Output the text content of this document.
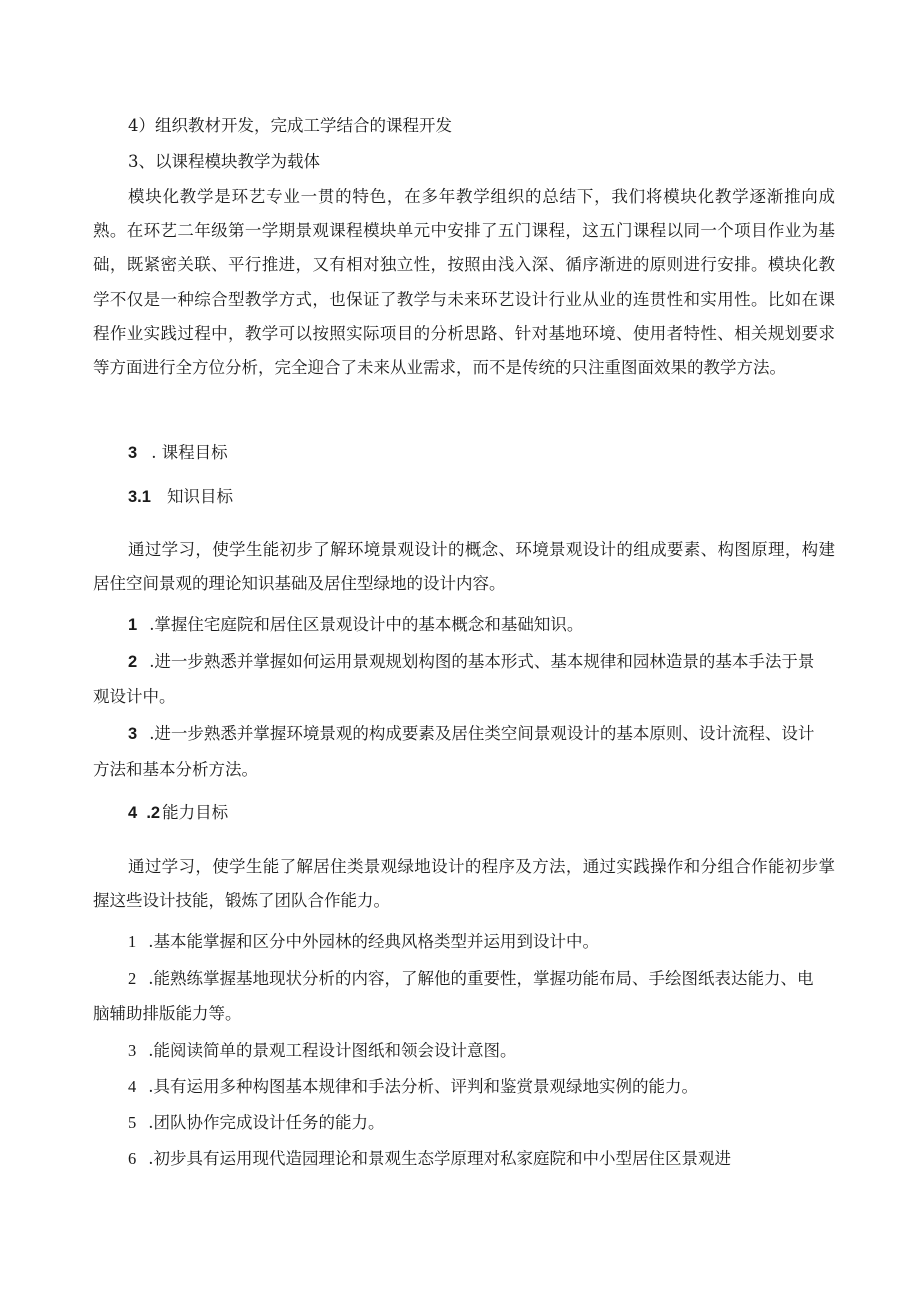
4）组织教材开发，完成工学结合的课程开发
3、以课程模块教学为载体
模块化教学是环艺专业一贯的特色，在多年教学组织的总结下，我们将模块化教学逐渐推向成熟。在环艺二年级第一学期景观课程模块单元中安排了五门课程，这五门课程以同一个项目作业为基础，既紧密关联、平行推进，又有相对独立性，按照由浅入深、循序渐进的原则进行安排。模块化教学不仅是一种综合型教学方式，也保证了教学与未来环艺设计行业从业的连贯性和实用性。比如在课程作业实践过程中，教学可以按照实际项目的分析思路、针对基地环境、使用者特性、相关规划要求等方面进行全方位分析，完全迎合了未来从业需求，而不是传统的只注重图面效果的教学方法。
3 . 课程目标
3.1 知识目标
通过学习，使学生能初步了解环境景观设计的概念、环境景观设计的组成要素、构图原理，构建居住空间景观的理论知识基础及居住型绿地的设计内容。
1 .掌握住宅庭院和居住区景观设计中的基本概念和基础知识。
2 .进一步熟悉并掌握如何运用景观规划构图的基本形式、基本规律和园林造景的基本手法于景
观设计中。
3 .进一步熟悉并掌握环境景观的构成要素及居住类空间景观设计的基本原则、设计流程、设计
方法和基本分析方法。
4  .2 能力目标
通过学习，使学生能了解居住类景观绿地设计的程序及方法，通过实践操作和分组合作能初步掌握这些设计技能，锻炼了团队合作能力。
1 .基本能掌握和区分中外园林的经典风格类型并运用到设计中。
2 .能熟练掌握基地现状分析的内容，了解他的重要性，掌握功能布局、手绘图纸表达能力、电
脑辅助排版能力等。
3 .能阅读简单的景观工程设计图纸和领会设计意图。
4 .具有运用多种构图基本规律和手法分析、评判和鉴赏景观绿地实例的能力。
5 .团队协作完成设计任务的能力。
6 .初步具有运用现代造园理论和景观生态学原理对私家庭院和中小型居住区景观进
